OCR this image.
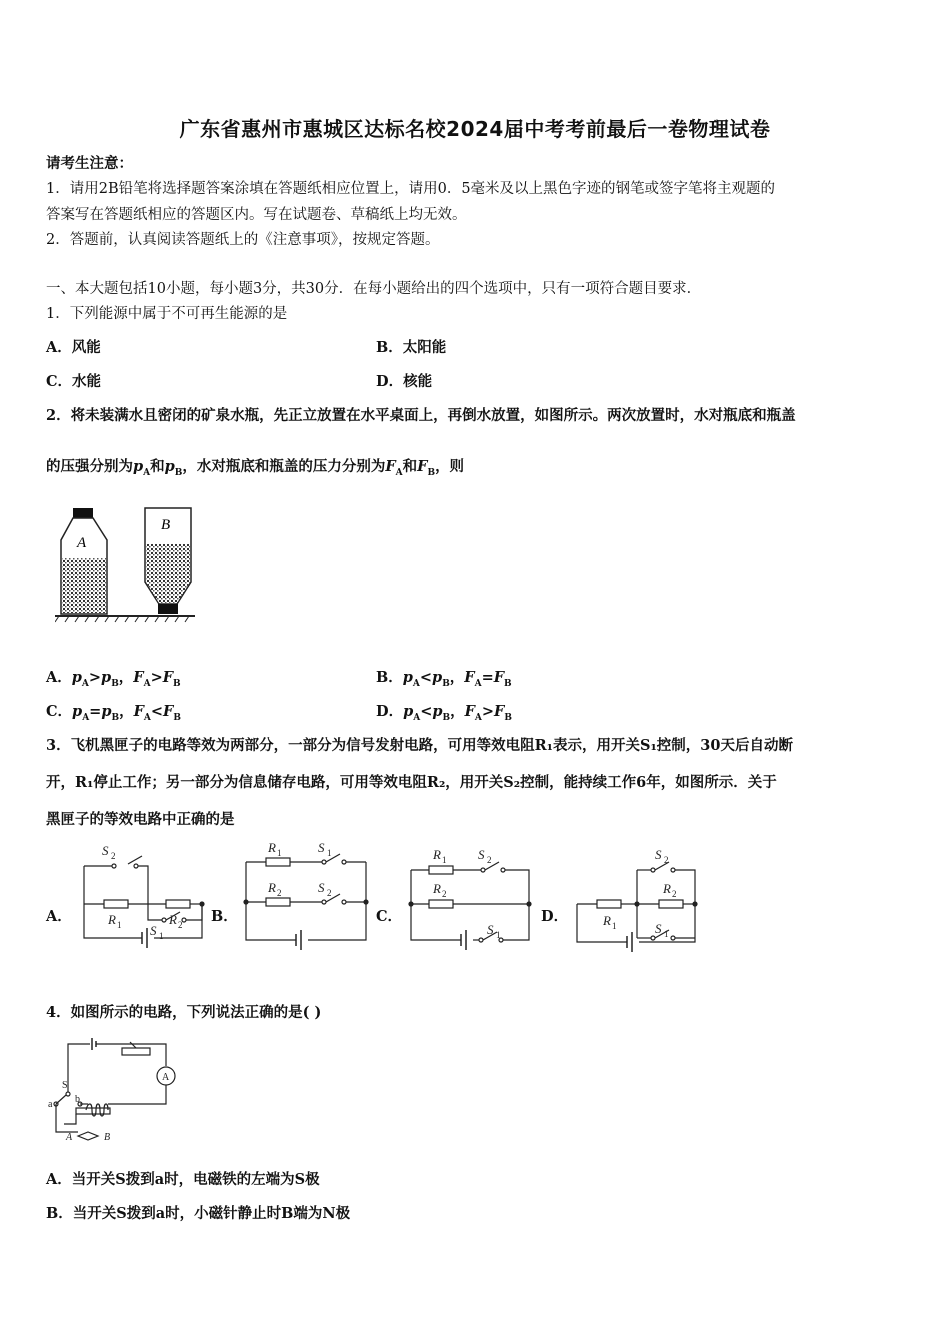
广东省惠州市惠城区达标名校2024届中考考前最后一卷物理试卷
请考生注意：
1．请用2B铅笔将选择题答案涂填在答题纸相应位置上，请用0．5毫米及以上黑色字迹的钢笔或签字笔将主观题的
答案写在答题纸相应的答题区内。写在试题卷、草稿纸上均无效。
2．答题前，认真阅读答题纸上的《注意事项》，按规定答题。
一、本大题包括10小题，每小题3分，共30分．在每小题给出的四个选项中，只有一项符合题目要求．
1．下列能源中属于不可再生能源的是
A．风能	B．太阳能
C．水能	D．核能
2．将未装满水且密闭的矿泉水瓶，先正立放置在水平桌面上，再倒水放置，如图所示。两次放置时，水对瓶底和瓶盖
的压强分别为$p_A$和$p_B$，水对瓶底和瓶盖的压力分别为$F_A$和$F_B$，则
A
B
A．$p_A>p_B$，$F_A>F_B$	B．$p_A<p_B$，$F_A=F_B$
C．$p_A=p_B$，$F_A<F_B$	D．$p_A<p_B$，$F_A>F_B$
3．飞机黑匣子的电路等效为两部分，一部分为信号发射电路，可用等效电阻R₁表示，用开关S₁控制，30天后自动断
开，R₁停止工作；另一部分为信息储存电路，可用等效电阻R₂，用开关S₂控制，能持续工作6年，如图所示．关于
黑匣子的等效电路中正确的是
A．	B．	C．	D．
S 2
R 1	R 2
S 1
R 1	S 1
R 2	S 2
R 1 S 2
R 2
S 1
S 2
R 2
R 1	S 1
4．如图所示的电路，下列说法正确的是( )
A
S
a b
A	B
A．当开关S拨到a时，电磁铁的左端为S极
B．当开关S拨到a时，小磁针静止时B端为N极
